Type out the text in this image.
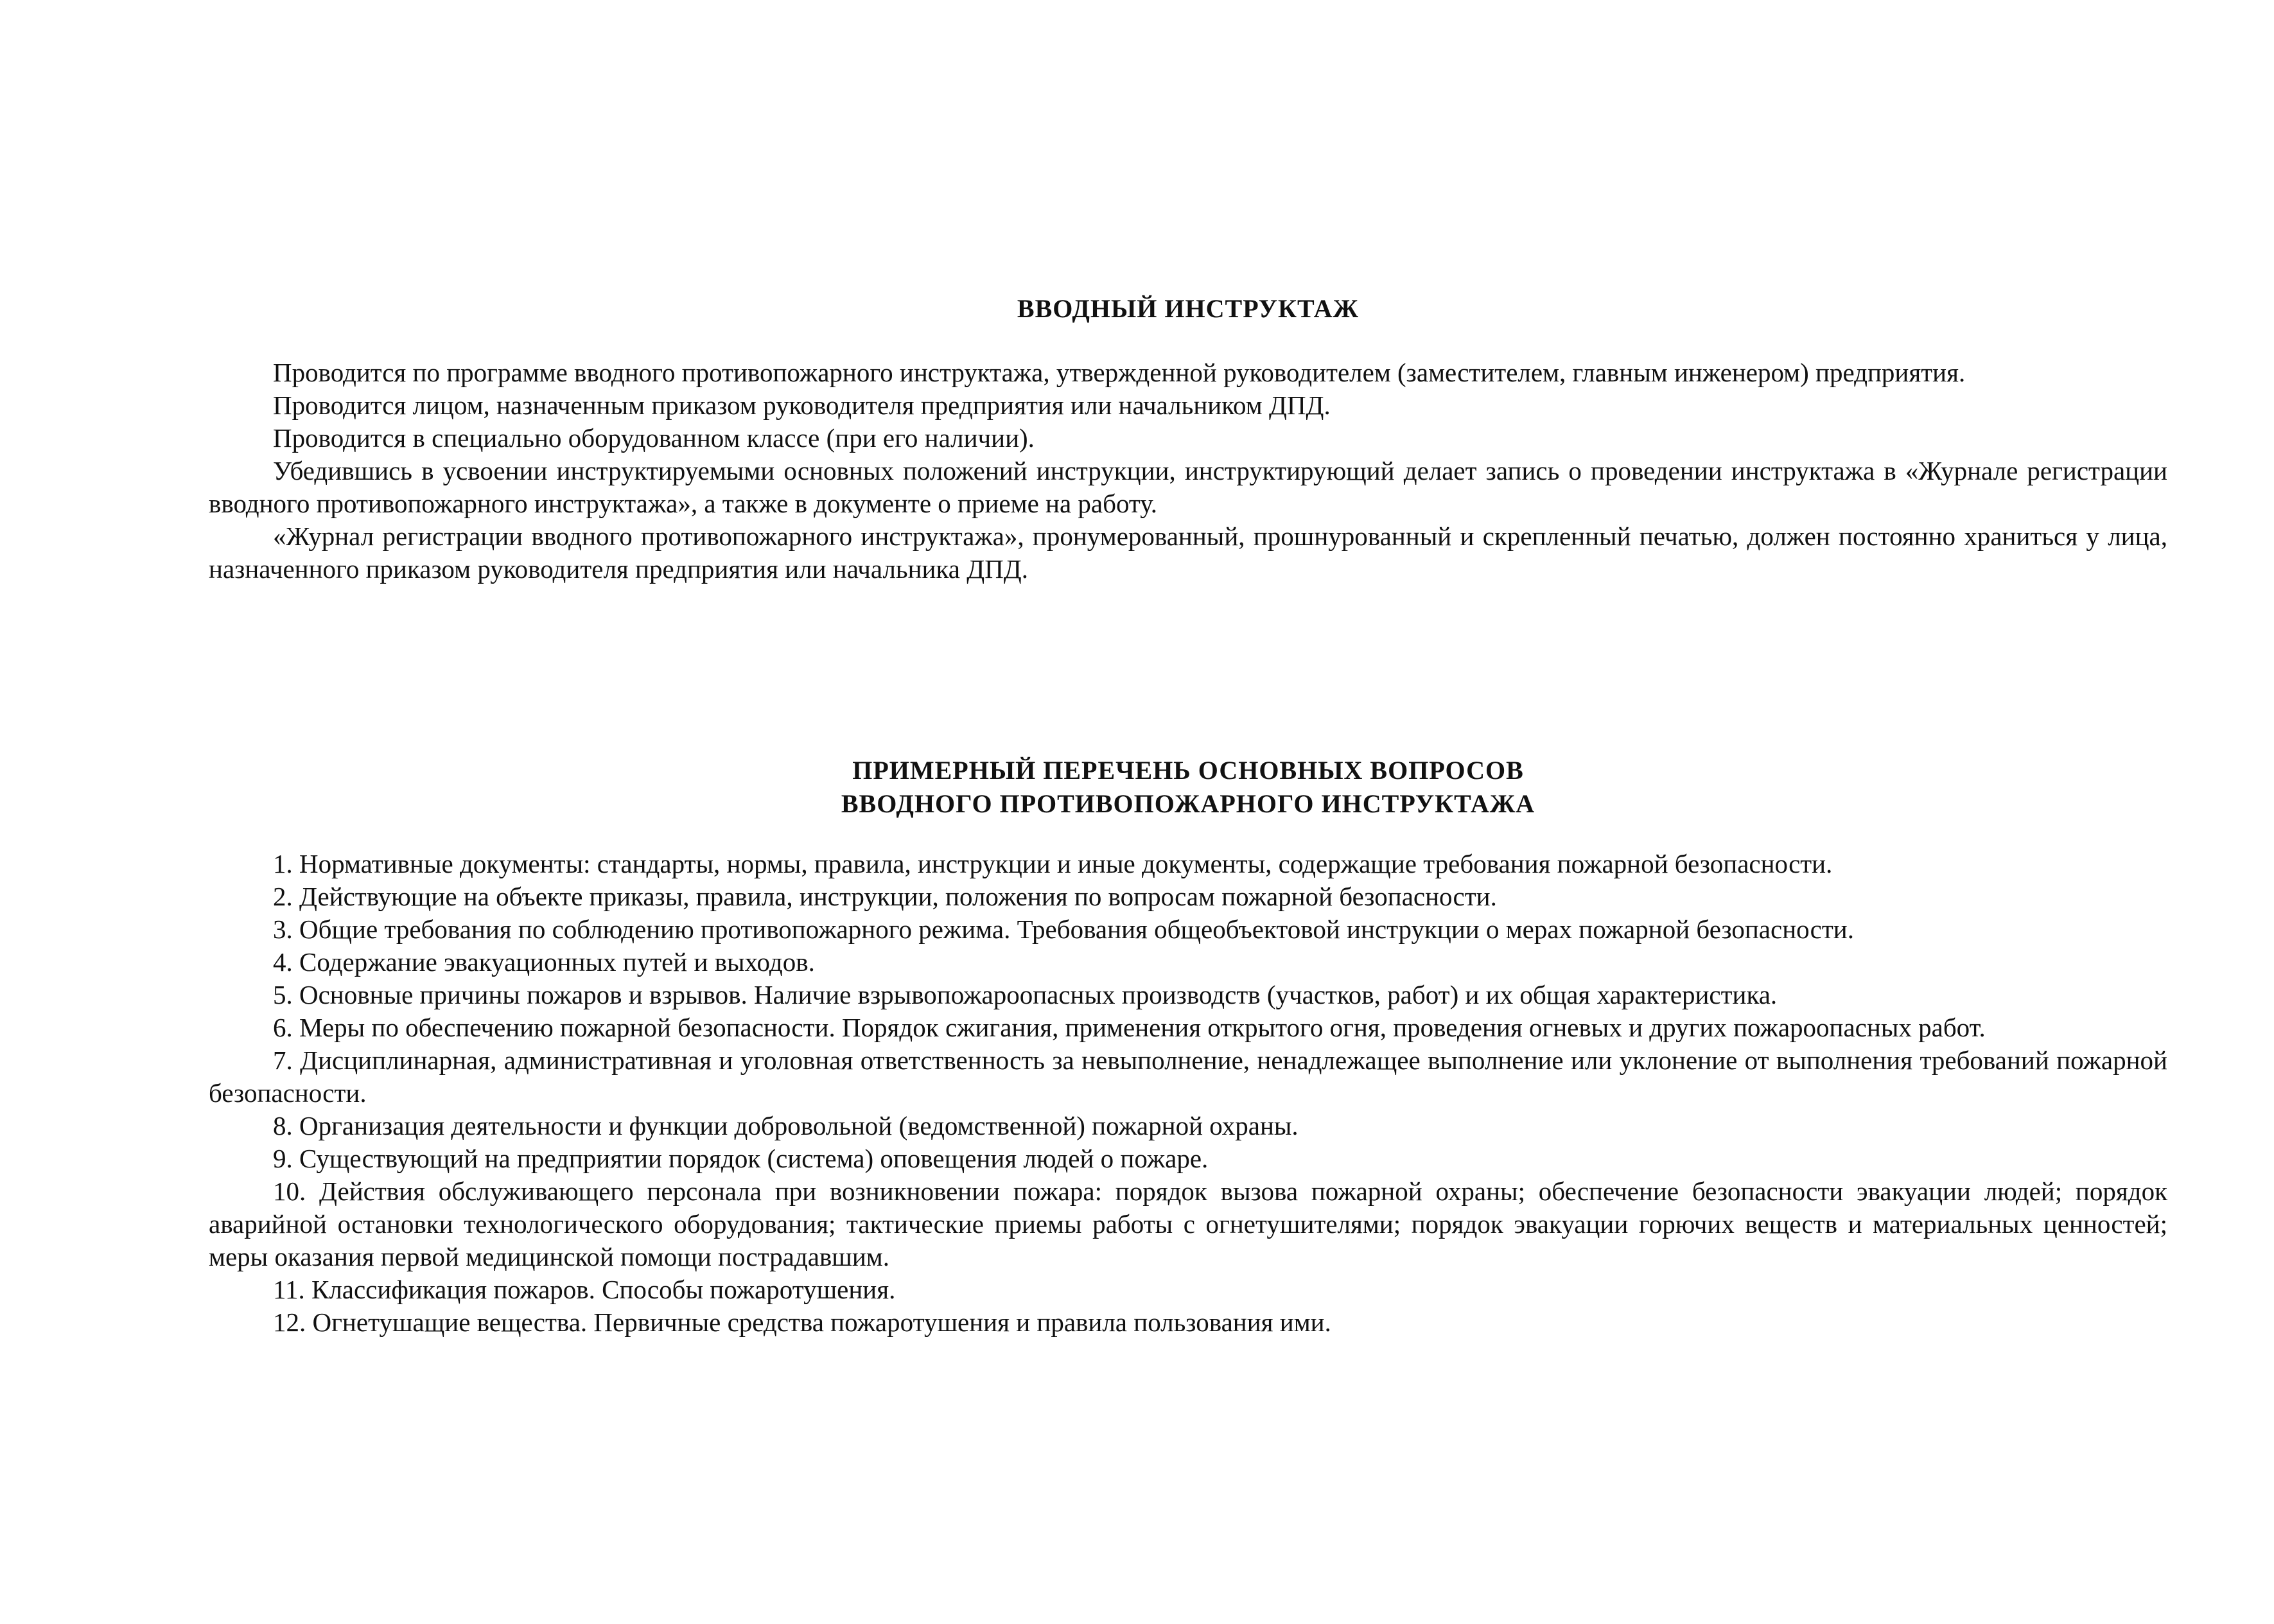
ВВОДНЫЙ ИНСТРУКТАЖ

Проводится по программе вводного противопожарного инструктажа, утвержденной руководителем (заместителем, главным инженером) предприятия.

Проводится лицом, назначенным приказом руководителя предприятия или начальником ДПД.

Проводится в специально оборудованном классе (при его наличии).

Убедившись в усвоении инструктируемыми основных положений инструкции, инструктирующий делает запись о проведении инструктажа в «Журнале регистрации вводного противопожарного инструктажа», а также в документе о приеме на работу.

«Журнал регистрации вводного противопожарного инструктажа», пронумерованный, прошнурованный и скрепленный печатью, должен постоянно храниться у лица, назначенного приказом руководителя предприятия или начальника ДПД.

ПРИМЕРНЫЙ ПЕРЕЧЕНЬ ОСНОВНЫХ ВОПРОСОВ
ВВОДНОГО ПРОТИВОПОЖАРНОГО ИНСТРУКТАЖА

1. Нормативные документы: стандарты, нормы, правила, инструкции и иные документы, содержащие требования пожарной безопасности.

2. Действующие на объекте приказы, правила, инструкции, положения по вопросам пожарной безопасности.

3. Общие требования по соблюдению противопожарного режима. Требования общеобъектовой инструкции о мерах пожарной безопасности.

4. Содержание эвакуационных путей и выходов.

5. Основные причины пожаров и взрывов. Наличие взрывопожароопасных производств (участков, работ) и их общая характеристика.

6. Меры по обеспечению пожарной безопасности. Порядок сжигания, применения открытого огня, проведения огневых и других пожароопасных работ.

7. Дисциплинарная, административная и уголовная ответственность за невыполнение, ненадлежащее выполнение или уклонение от выполнения требований пожарной безопасности.

8. Организация деятельности и функции добровольной (ведомственной) пожарной охраны.

9. Существующий на предприятии порядок (система) оповещения людей о пожаре.

10. Действия обслуживающего персонала при возникновении пожара: порядок вызова пожарной охраны; обеспечение безопасности эвакуации людей; порядок аварийной остановки технологического оборудования; тактические приемы работы с огнетушителями; порядок эвакуации горючих веществ и материальных ценностей; меры оказания первой медицинской помощи пострадавшим.

11. Классификация пожаров. Способы пожаротушения.

12. Огнетушащие вещества. Первичные средства пожаротушения и правила пользования ими.
